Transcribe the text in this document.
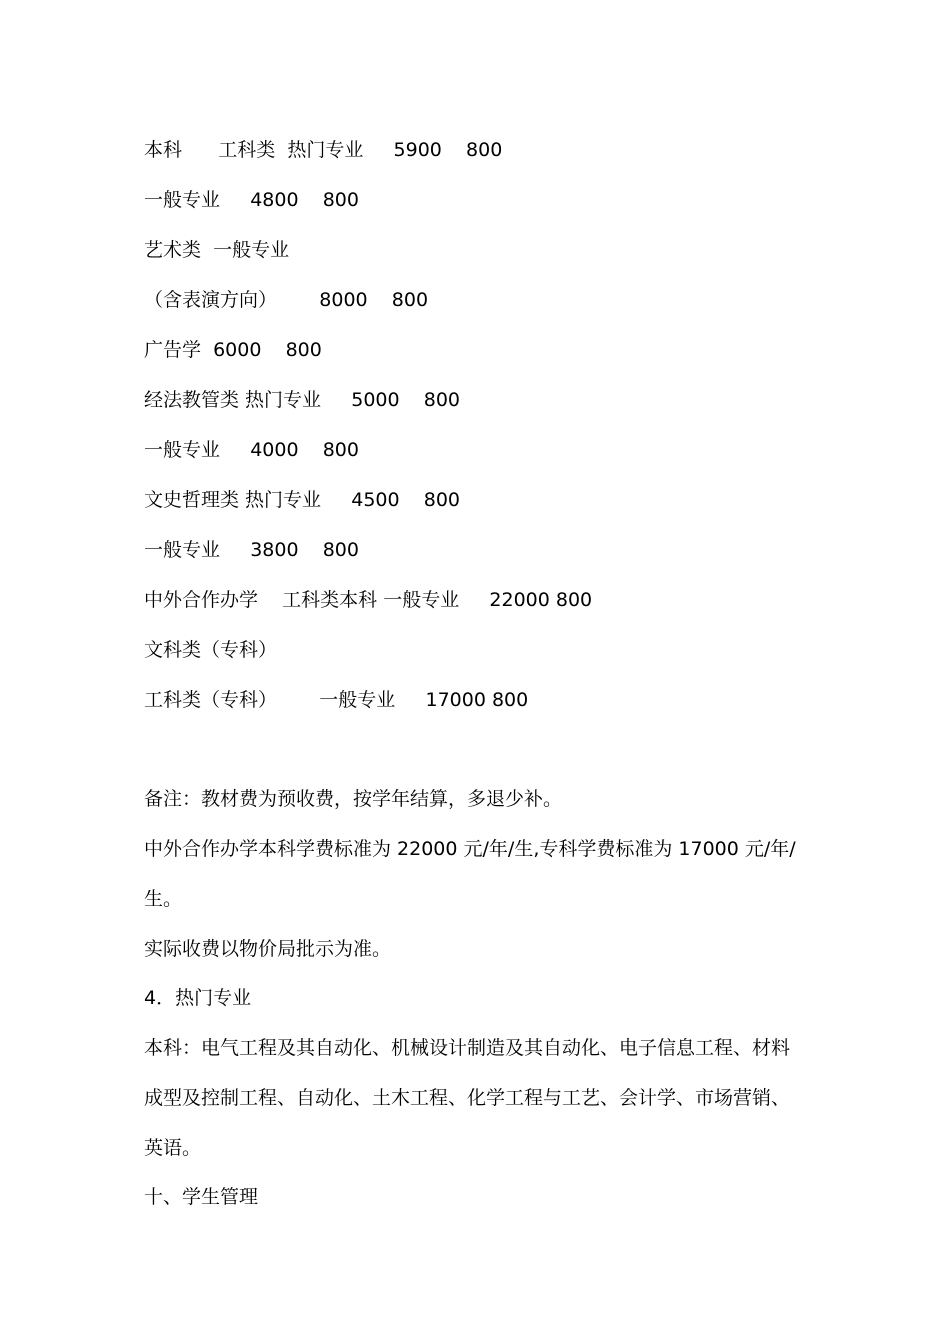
本科      工科类  热门专业     5900    800
一般专业     4800    800
艺术类  一般专业
（含表演方向）       8000    800
广告学  6000    800
经法教管类 热门专业     5000    800
一般专业     4000    800
文史哲理类 热门专业     4500    800
一般专业     3800    800
中外合作办学    工科类本科 一般专业     22000 800
文科类（专科）
工科类（专科）       一般专业     17000 800
备注：教材费为预收费，按学年结算，多退少补。
中外合作办学本科学费标准为 22000 元/年/生,专科学费标准为 17000 元/年/
生。
实际收费以物价局批示为准。
4．热门专业
本科：电气工程及其自动化、机械设计制造及其自动化、电子信息工程、材料
成型及控制工程、自动化、土木工程、化学工程与工艺、会计学、市场营销、
英语。
十、学生管理
